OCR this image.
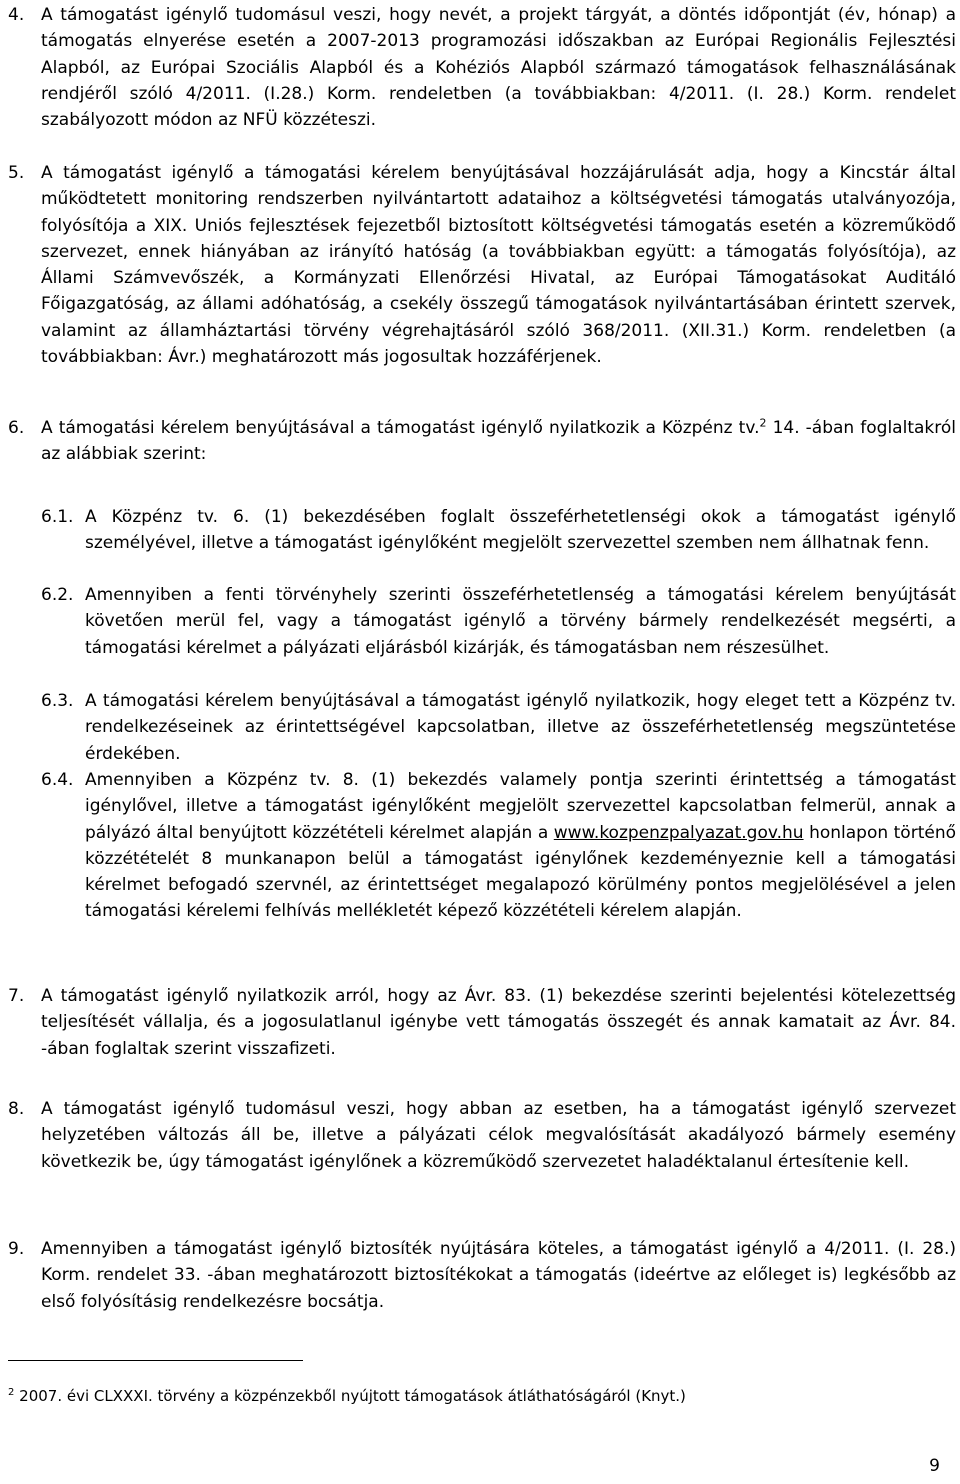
4. A támogatást igénylő tudomásul veszi, hogy nevét, a projekt tárgyát, a döntés időpontját (év, hónap) a támogatás elnyerése esetén a 2007-2013 programozási időszakban az Európai Regionális Fejlesztési Alapból, az Európai Szociális Alapból és a Kohéziós Alapból származó támogatások felhasználásának rendjéről szóló 4/2011. (I.28.) Korm. rendeletben (a továbbiakban: 4/2011. (I. 28.) Korm. rendelet szabályozott módon az NFÜ közzéteszi.
5. A támogatást igénylő a támogatási kérelem benyújtásával hozzájárulását adja, hogy a Kincstár által működtetett monitoring rendszerben nyilvántartott adataihoz a költségvetési támogatás utalványozója, folyósítója a XIX. Uniós fejlesztések fejezetből biztosított költségvetési támogatás esetén a közreműködő szervezet, ennek hiányában az irányító hatóság (a továbbiakban együtt: a támogatás folyósítója), az Állami Számvevőszék, a Kormányzati Ellenőrzési Hivatal, az Európai Támogatásokat Auditáló Főigazgatóság, az állami adóhatóság, a csekély összegű támogatások nyilvántartásában érintett szervek, valamint az államháztartási törvény végrehajtásáról szóló 368/2011. (XII.31.) Korm. rendeletben (a továbbiakban: Ávr.) meghatározott más jogosultak hozzáférjenek.
6. A támogatási kérelem benyújtásával a támogatást igénylő nyilatkozik a Közpénz tv.$^2$ 14. -ában foglaltakról az alábbiak szerint:
6.1. A Közpénz tv. 6. (1) bekezdésében foglalt összeférhetetlenségi okok a támogatást igénylő személyével, illetve a támogatást igénylőként megjelölt szervezettel szemben nem állhatnak fenn.
6.2. Amennyiben a fenti törvényhely szerinti összeférhetetlenség a támogatási kérelem benyújtását követően merül fel, vagy a támogatást igénylő a törvény bármely rendelkezését megsérti, a támogatási kérelmet a pályázati eljárásból kizárják, és támogatásban nem részesülhet.
6.3. A támogatási kérelem benyújtásával a támogatást igénylő nyilatkozik, hogy eleget tett a Közpénz tv. rendelkezéseinek az érintettségével kapcsolatban, illetve az összeférhetetlenség megszüntetése érdekében.
6.4. Amennyiben a Közpénz tv. 8. (1) bekezdés valamely pontja szerinti érintettség a támogatást igénylővel, illetve a támogatást igénylőként megjelölt szervezettel kapcsolatban felmerül, annak a pályázó által benyújtott közzétételi kérelmet alapján a www.kozpenzpalyazat.gov.hu honlapon történő közzétételét 8 munkanapon belül a támogatást igénylőnek kezdeményeznie kell a támogatási kérelmet befogadó szervnél, az érintettséget megalapozó körülmény pontos megjelölésével a jelen támogatási kérelemi felhívás mellékletét képező közzétételi kérelem alapján.
7. A támogatást igénylő nyilatkozik arról, hogy az Ávr. 83. (1) bekezdése szerinti bejelentési kötelezettség teljesítését vállalja, és a jogosulatlanul igénybe vett támogatás összegét és annak kamatait az Ávr. 84. -ában foglaltak szerint visszafizeti.
8. A támogatást igénylő tudomásul veszi, hogy abban az esetben, ha a támogatást igénylő szervezet helyzetében változás áll be, illetve a pályázati célok megvalósítását akadályozó bármely esemény következik be, úgy támogatást igénylőnek a közreműködő szervezetet haladéktalanul értesítenie kell.
9. Amennyiben a támogatást igénylő biztosíték nyújtására köteles, a támogatást igénylő a 4/2011. (I. 28.) Korm. rendelet 33. -ában meghatározott biztosítékokat a támogatás (ideértve az előleget is) legkésőbb az első folyósításig rendelkezésre bocsátja.
$^2$ 2007. évi CLXXXI. törvény a közpénzekből nyújtott támogatások átláthatóságáról (Knyt.)
9
